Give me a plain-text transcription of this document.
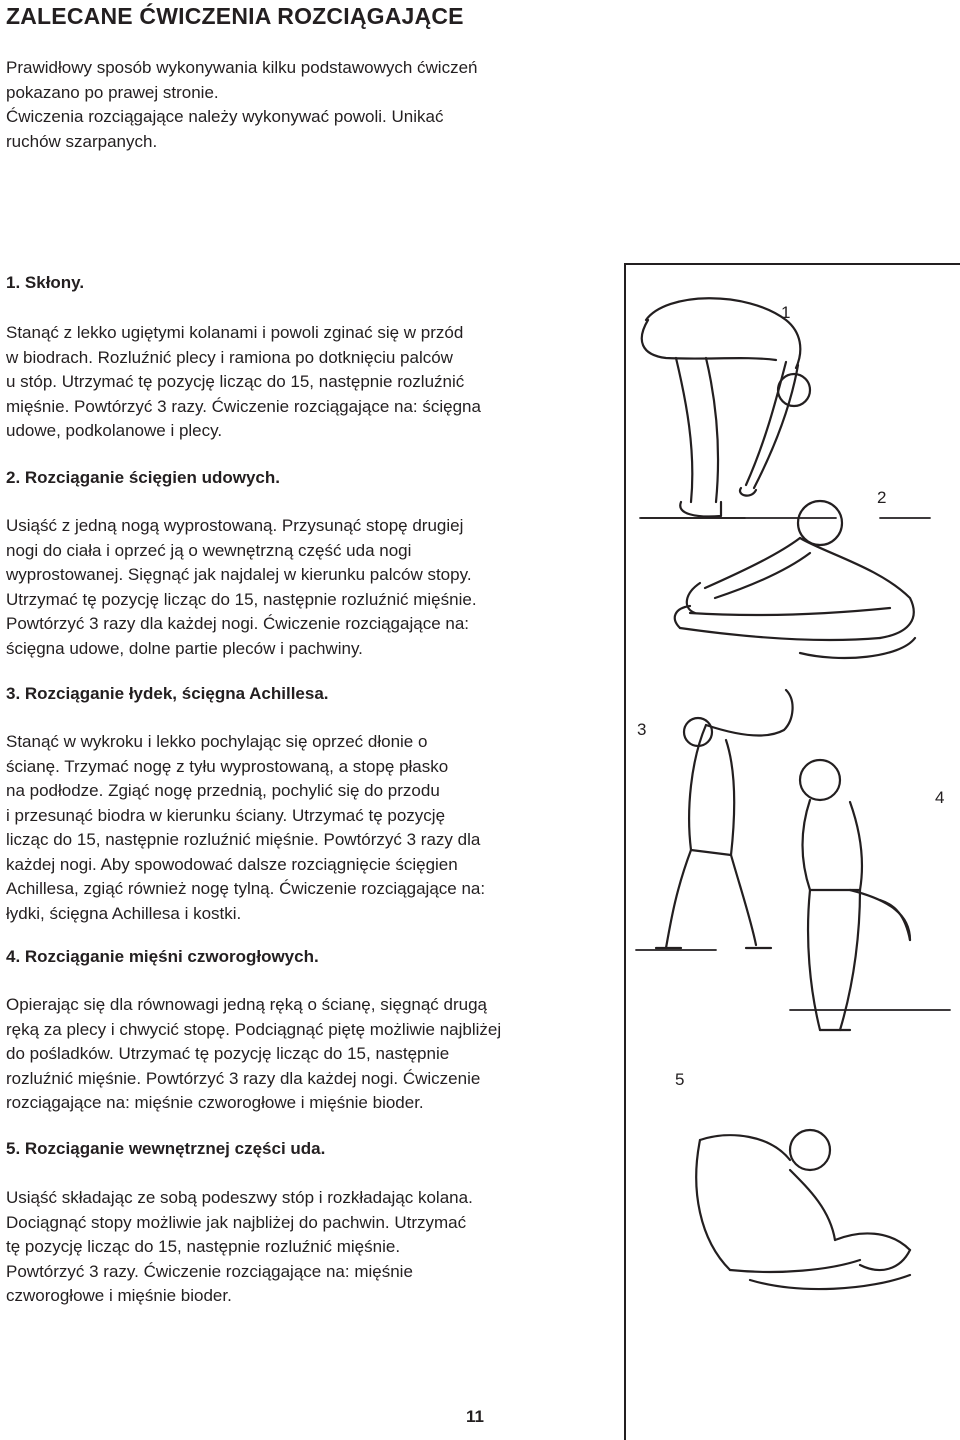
ZALECANE ĆWICZENIA ROZCIĄGAJĄCE

Prawidłowy sposób wykonywania kilku podstawowych ćwiczeń
pokazano po prawej stronie.
Ćwiczenia rozciągające należy wykonywać powoli. Unikać
ruchów szarpanych.

1. Skłony.

Stanąć z lekko ugiętymi kolanami i powoli zginać się w przód
w biodrach. Rozluźnić plecy i ramiona po dotknięciu palców
u stóp. Utrzymać tę pozycję licząc do 15, następnie rozluźnić
mięśnie. Powtórzyć 3 razy. Ćwiczenie rozciągające na: ścięgna
udowe, podkolanowe i plecy.

2. Rozciąganie ścięgien udowych.

Usiąść z jedną nogą wyprostowaną. Przysunąć stopę drugiej
nogi do ciała i oprzeć ją o wewnętrzną część uda nogi
wyprostowanej. Sięgnąć jak najdalej w kierunku palców stopy.
Utrzymać tę pozycję licząc do 15, następnie rozluźnić mięśnie.
Powtórzyć 3 razy dla każdej nogi. Ćwiczenie rozciągające na:
ścięgna udowe, dolne partie pleców i pachwiny.

3. Rozciąganie łydek, ścięgna Achillesa.

Stanąć w wykroku i lekko pochylając się oprzeć dłonie o
ścianę. Trzymać nogę z tyłu wyprostowaną, a stopę płasko
na podłodze. Zgiąć nogę przednią, pochylić się do przodu
i przesunąć biodra w kierunku ściany. Utrzymać tę pozycję
licząc do 15, następnie rozluźnić mięśnie. Powtórzyć 3 razy dla
każdej nogi. Aby spowodować dalsze rozciągnięcie ścięgien
Achillesa, zgiąć również nogę tylną. Ćwiczenie rozciągające na:
łydki, ścięgna Achillesa i kostki.

4. Rozciąganie mięśni czworogłowych.

Opierając się dla równowagi jedną ręką o ścianę, sięgnąć drugą
ręką za plecy i chwycić stopę. Podciągnąć piętę możliwie najbliżej
do pośladków. Utrzymać tę pozycję licząc do 15, następnie
rozluźnić mięśnie. Powtórzyć 3 razy dla każdej nogi. Ćwiczenie
rozciągające na: mięśnie czworogłowe i mięśnie bioder.

5. Rozciąganie wewnętrznej części uda.

Usiąść składając ze sobą podeszwy stóp i rozkładając kolana.
Dociągnąć stopy możliwie jak najbliżej do pachwin. Utrzymać
tę pozycję licząc do 15, następnie rozluźnić mięśnie.
Powtórzyć 3 razy. Ćwiczenie rozciągające na: mięśnie
czworogłowe i mięśnie bioder.

1
2
3
4
5
11
